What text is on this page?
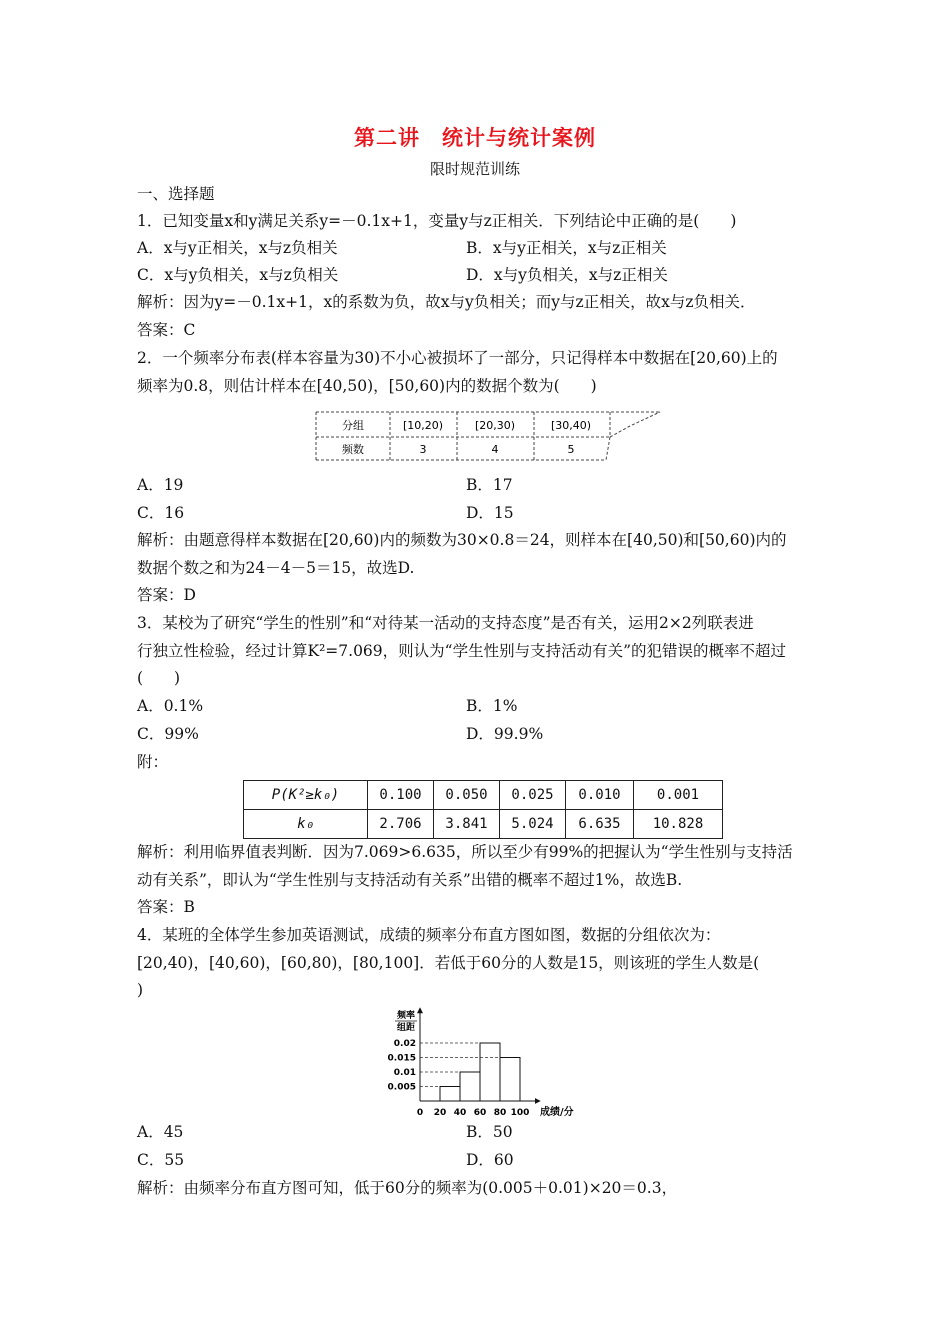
第二讲　统计与统计案例
限时规范训练
一、选择题
1．已知变量x和y满足关系y=－0.1x+1，变量y与z正相关．下列结论中正确的是(　　)
A．x与y正相关，x与z负相关	B．x与y正相关，x与z正相关
C．x与y负相关，x与z负相关	D．x与y负相关，x与z正相关
解析：因为y=－0.1x+1，x的系数为负，故x与y负相关；而y与z正相关，故x与z负相关．
答案：C
2．一个频率分布表(样本容量为30)不小心被损坏了一部分，只记得样本中数据在[20,60)上的
频率为0.8，则估计样本在[40,50)，[50,60)内的数据个数为(　　)
分组	[10,20)	[20,30)	[30,40)
频数	3	4	5
A．19	B．17
C．16	D．15
解析：由题意得样本数据在[20,60)内的频数为30×0.8＝24，则样本在[40,50)和[50,60)内的
数据个数之和为24－4－5＝15，故选D.
答案：D
3．某校为了研究“学生的性别”和“对待某一活动的支持态度”是否有关，运用2×2列联表进
行独立性检验，经过计算K²=7.069，则认为“学生性别与支持活动有关”的犯错误的概率不超过
(　　)
A．0.1%	B．1%
C．99%	D．99.9%
附：
P(K²≥k₀)	0.100	0.050	0.025	0.010	0.001
k₀	2.706	3.841	5.024	6.635	10.828
解析：利用临界值表判断．因为7.069>6.635，所以至少有99%的把握认为“学生性别与支持活
动有关系”，即认为“学生性别与支持活动有关系”出错的概率不超过1%，故选B.
答案：B
4．某班的全体学生参加英语测试，成绩的频率分布直方图如图，数据的分组依次为：
[20,40)，[40,60)，[60,80)，[80,100]．若低于60分的人数是15，则该班的学生人数是(
)
频率
组距
成绩/分
0
0.02
0.015
0.01
0.005
20 40 60 80 100
A．45	B．50
C．55	D．60
解析：由频率分布直方图可知，低于60分的频率为(0.005＋0.01)×20＝0.3，
